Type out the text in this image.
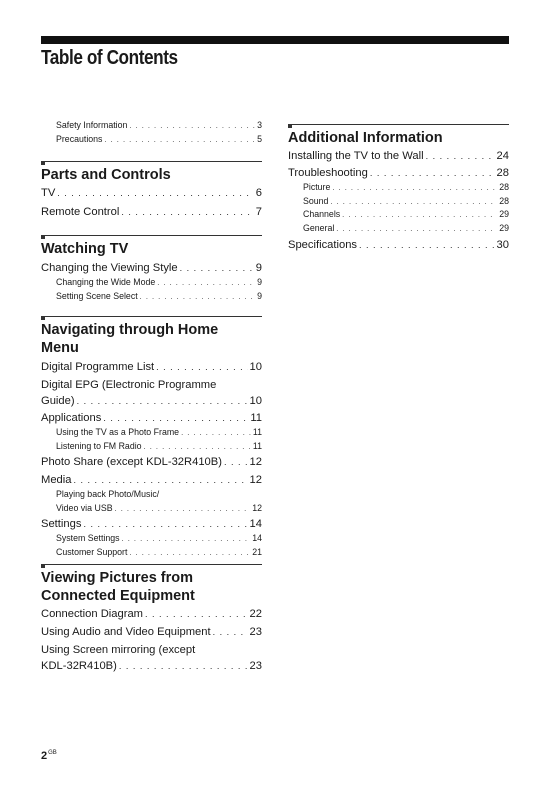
Table of Contents
Safety Information . . .	3
Precautions . . .	5
Parts and Controls
TV . . .	6
Remote Control . . .	7
Watching TV
Changing the Viewing Style . . .	9
Changing the Wide Mode . . .	9
Setting Scene Select . . .	9
Navigating through Home
Menu
Digital Programme List . . .	10
Digital EPG (Electronic Programme
Guide) . . .	10
Applications . . .	11
Using the TV as a Photo Frame . . .	11
Listening to FM Radio . . .	11
Photo Share (except KDL-32R410B) . . . 12
Media . . .	12
Playing back Photo/Music/
Video via USB . . .	12
Settings . . .	14
System Settings . . .	14
Customer Support . . .	21
Viewing Pictures from
Connected Equipment
Connection Diagram . . .	22
Using Audio and Video Equipment . . .	23
Using Screen mirroring (except
KDL-32R410B) . . .	23
Additional Information
Installing the TV to the Wall . . .	24
Troubleshooting . . .	28
Picture . . .	28
Sound . . .	28
Channels . . .	29
General . . .	29
Specifications . . .	30
$2^{GB}$
